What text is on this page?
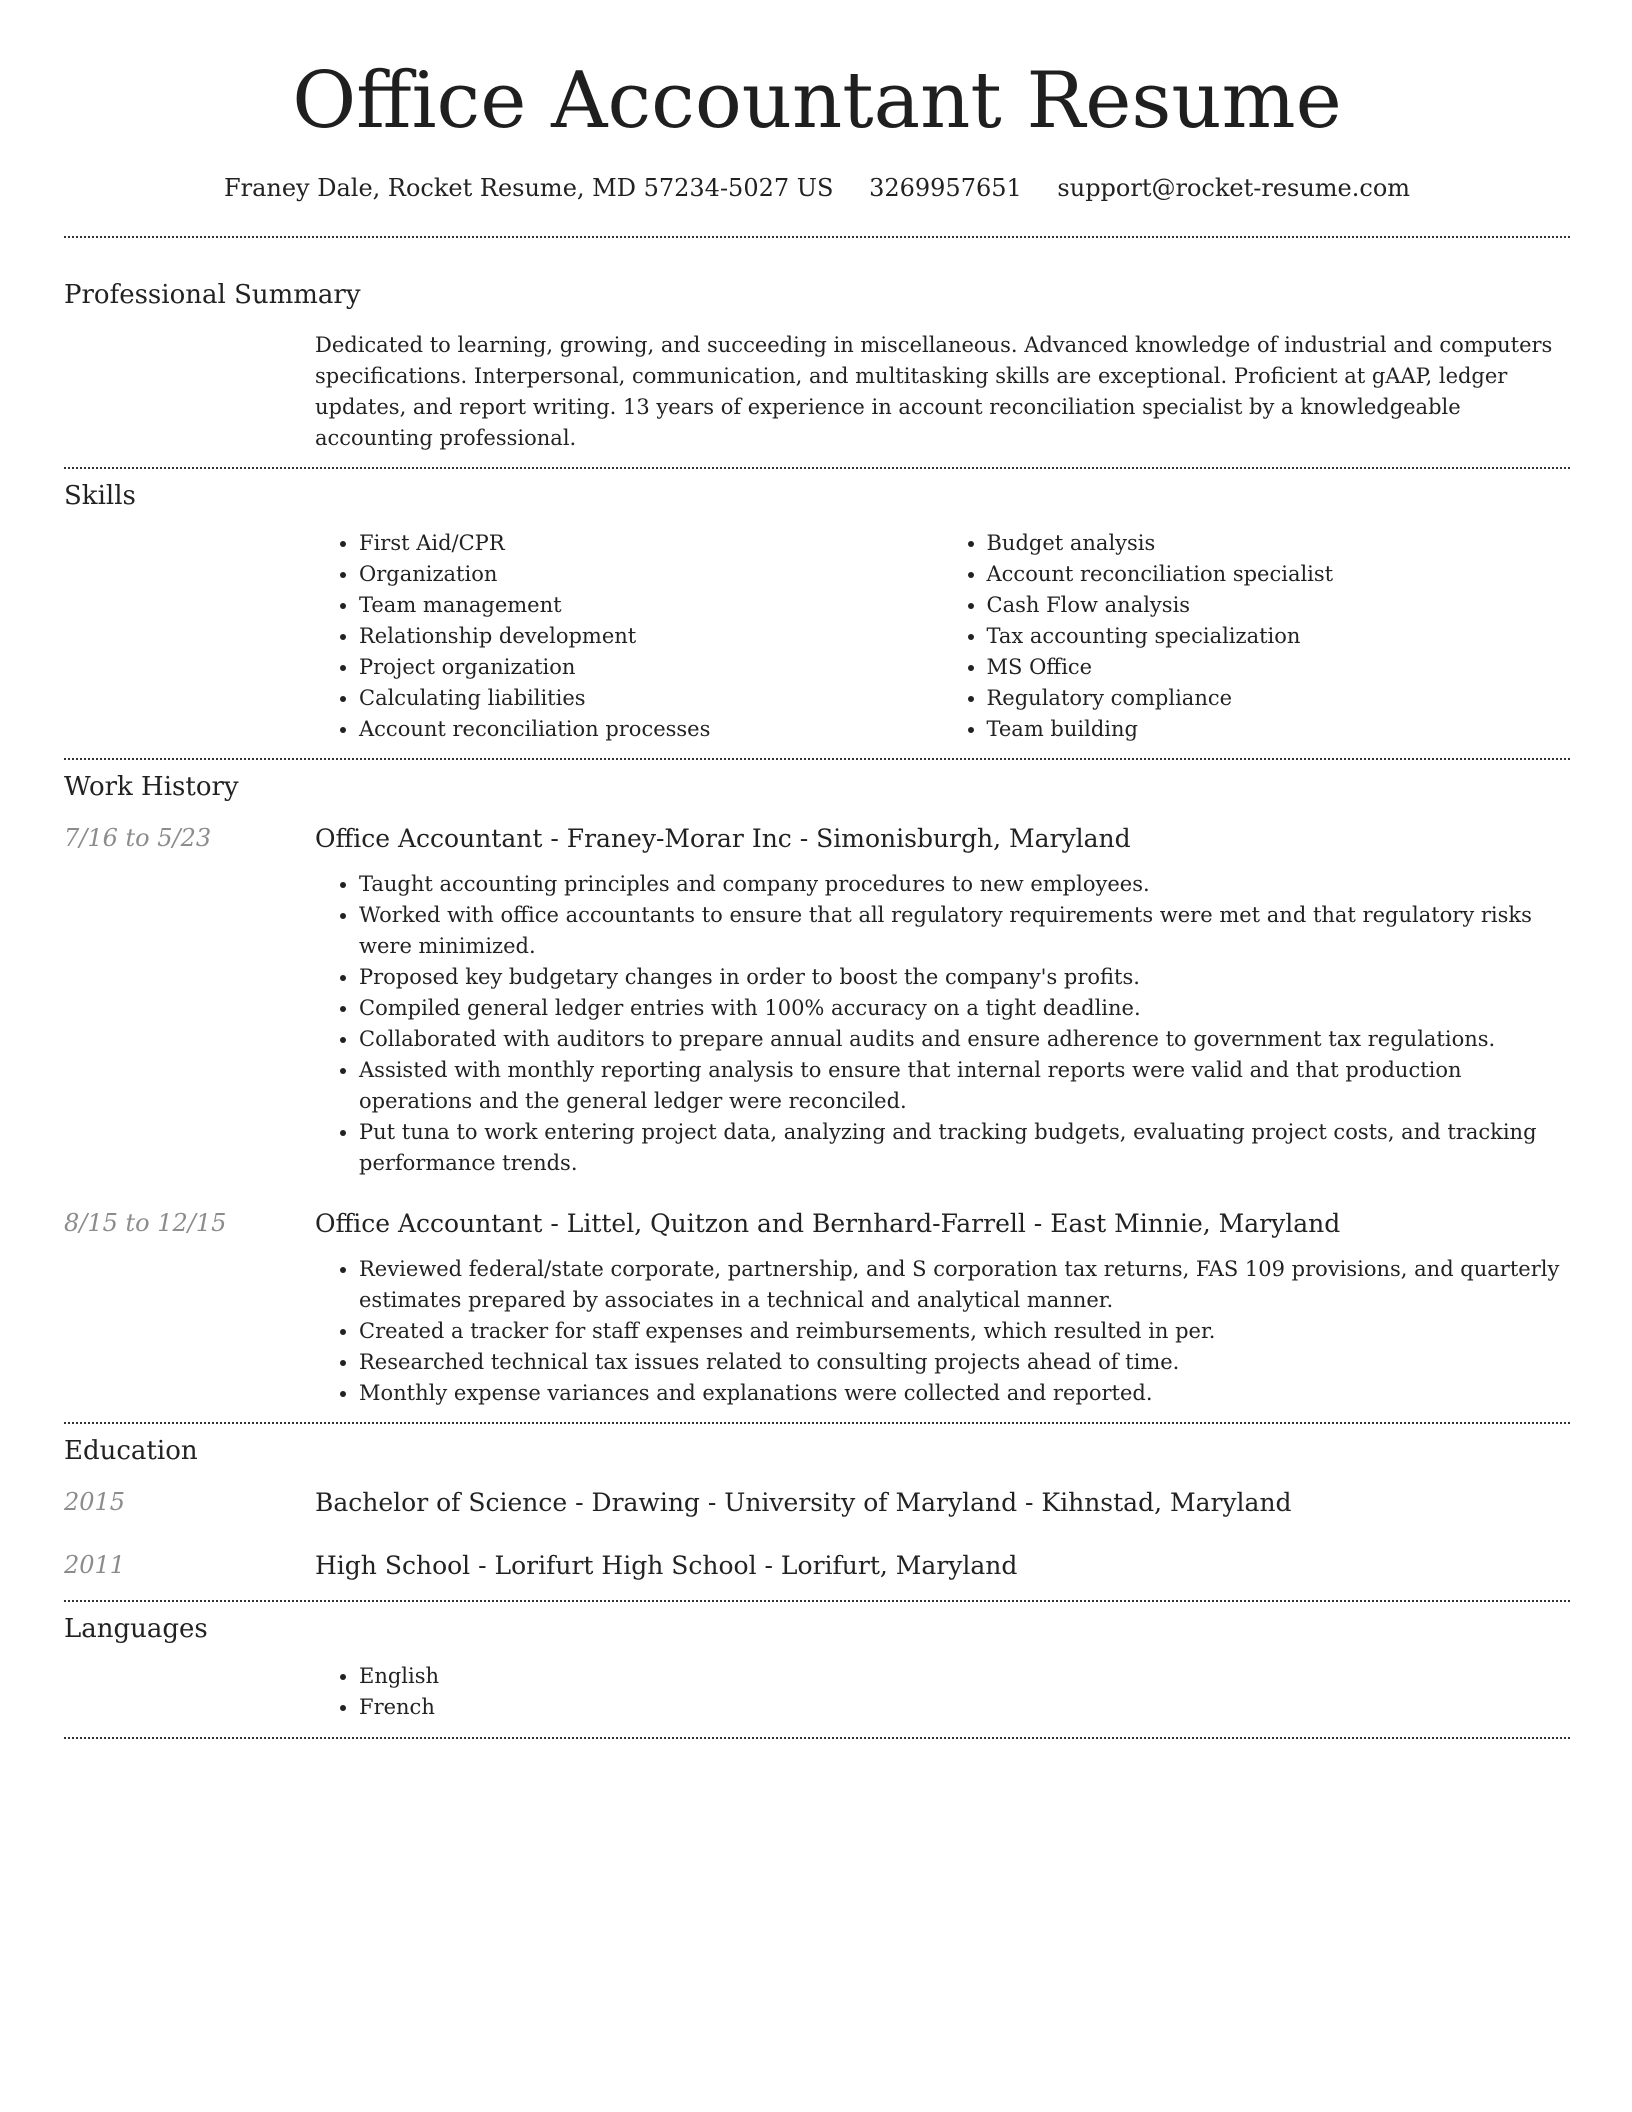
Office Accountant Resume
Franey Dale, Rocket Resume, MD 57234-5027 US 3269957651 support@rocket-resume.com
Professional Summary
Dedicated to learning, growing, and succeeding in miscellaneous. Advanced knowledge of industrial and computers specifications. Interpersonal, communication, and multitasking skills are exceptional. Proficient at gAAP, ledger updates, and report writing. 13 years of experience in account reconciliation specialist by a knowledgeable accounting professional.
Skills
• First Aid/CPR
• Organization
• Team management
• Relationship development
• Project organization
• Calculating liabilities
• Account reconciliation processes
• Budget analysis
• Account reconciliation specialist
• Cash Flow analysis
• Tax accounting specialization
• MS Office
• Regulatory compliance
• Team building
Work History
7/16 to 5/23	Office Accountant - Franey-Morar Inc - Simonisburgh, Maryland
• Taught accounting principles and company procedures to new employees.
• Worked with office accountants to ensure that all regulatory requirements were met and that regulatory risks were minimized.
• Proposed key budgetary changes in order to boost the company's profits.
• Compiled general ledger entries with 100% accuracy on a tight deadline.
• Collaborated with auditors to prepare annual audits and ensure adherence to government tax regulations.
• Assisted with monthly reporting analysis to ensure that internal reports were valid and that production operations and the general ledger were reconciled.
• Put tuna to work entering project data, analyzing and tracking budgets, evaluating project costs, and tracking performance trends.
8/15 to 12/15	Office Accountant - Littel, Quitzon and Bernhard-Farrell - East Minnie, Maryland
• Reviewed federal/state corporate, partnership, and S corporation tax returns, FAS 109 provisions, and quarterly estimates prepared by associates in a technical and analytical manner.
• Created a tracker for staff expenses and reimbursements, which resulted in per.
• Researched technical tax issues related to consulting projects ahead of time.
• Monthly expense variances and explanations were collected and reported.
Education
2015	Bachelor of Science - Drawing - University of Maryland - Kihnstad, Maryland
2011	High School - Lorifurt High School - Lorifurt, Maryland
Languages
• English
• French
